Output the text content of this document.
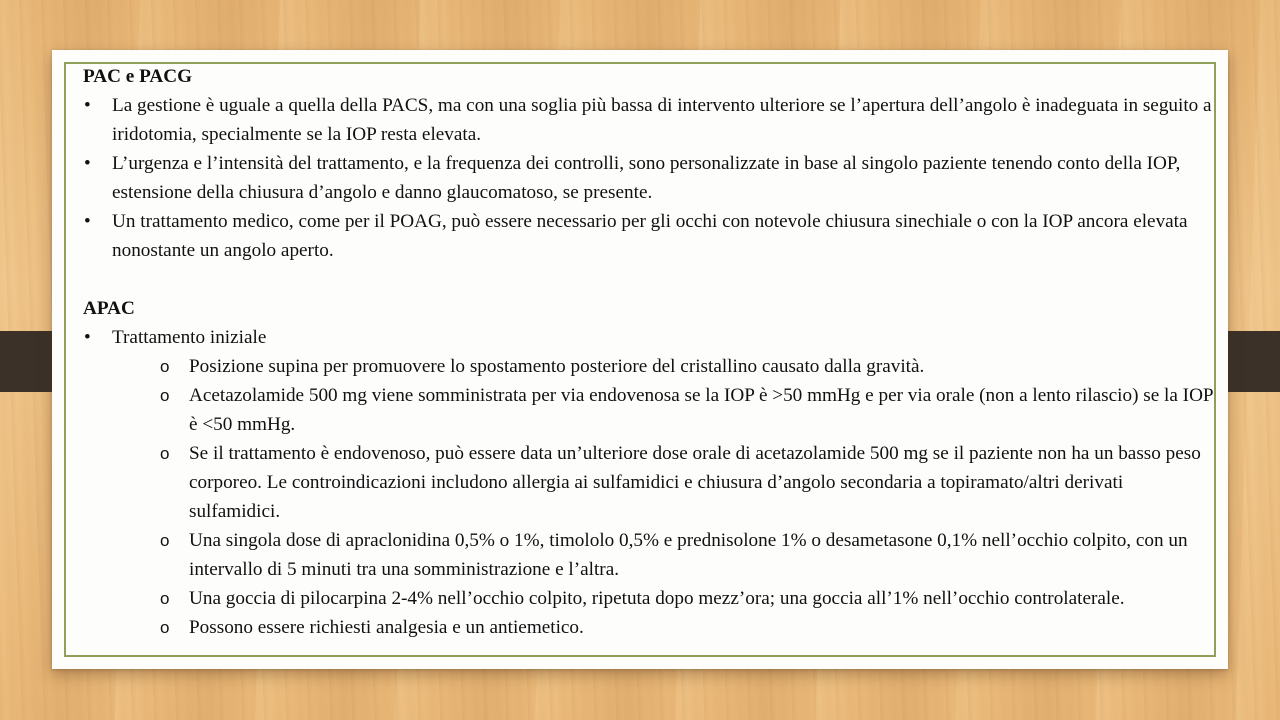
PAC e PACG
• La gestione è uguale a quella della PACS, ma con una soglia più bassa di intervento ulteriore se l’apertura dell’angolo è inadeguata in seguito a iridotomia, specialmente se la IOP resta elevata.
• L’urgenza e l’intensità del trattamento, e la frequenza dei controlli, sono personalizzate in base al singolo paziente tenendo conto della IOP, estensione della chiusura d’angolo e danno glaucomatoso, se presente.
• Un trattamento medico, come per il POAG, può essere necessario per gli occhi con notevole chiusura sinechiale o con la IOP ancora elevata nonostante un angolo aperto.
APAC
• Trattamento iniziale
o Posizione supina per promuovere lo spostamento posteriore del cristallino causato dalla gravità.
o Acetazolamide 500 mg viene somministrata per via endovenosa se la IOP è >50 mmHg e per via orale (non a lento rilascio) se la IOP è <50 mmHg.
o Se il trattamento è endovenoso, può essere data un’ulteriore dose orale di acetazolamide 500 mg se il paziente non ha un basso peso corporeo. Le controindicazioni includono allergia ai sulfamidici e chiusura d’angolo secondaria a topiramato/altri derivati sulfamidici.
o Una singola dose di apraclonidina 0,5% o 1%, timololo 0,5% e prednisolone 1% o desametasone 0,1% nell’occhio colpito, con un intervallo di 5 minuti tra una somministrazione e l’altra.
o Una goccia di pilocarpina 2-4% nell’occhio colpito, ripetuta dopo mezz’ora; una goccia all’1% nell’occhio controlaterale.
o Possono essere richiesti analgesia e un antiemetico.
